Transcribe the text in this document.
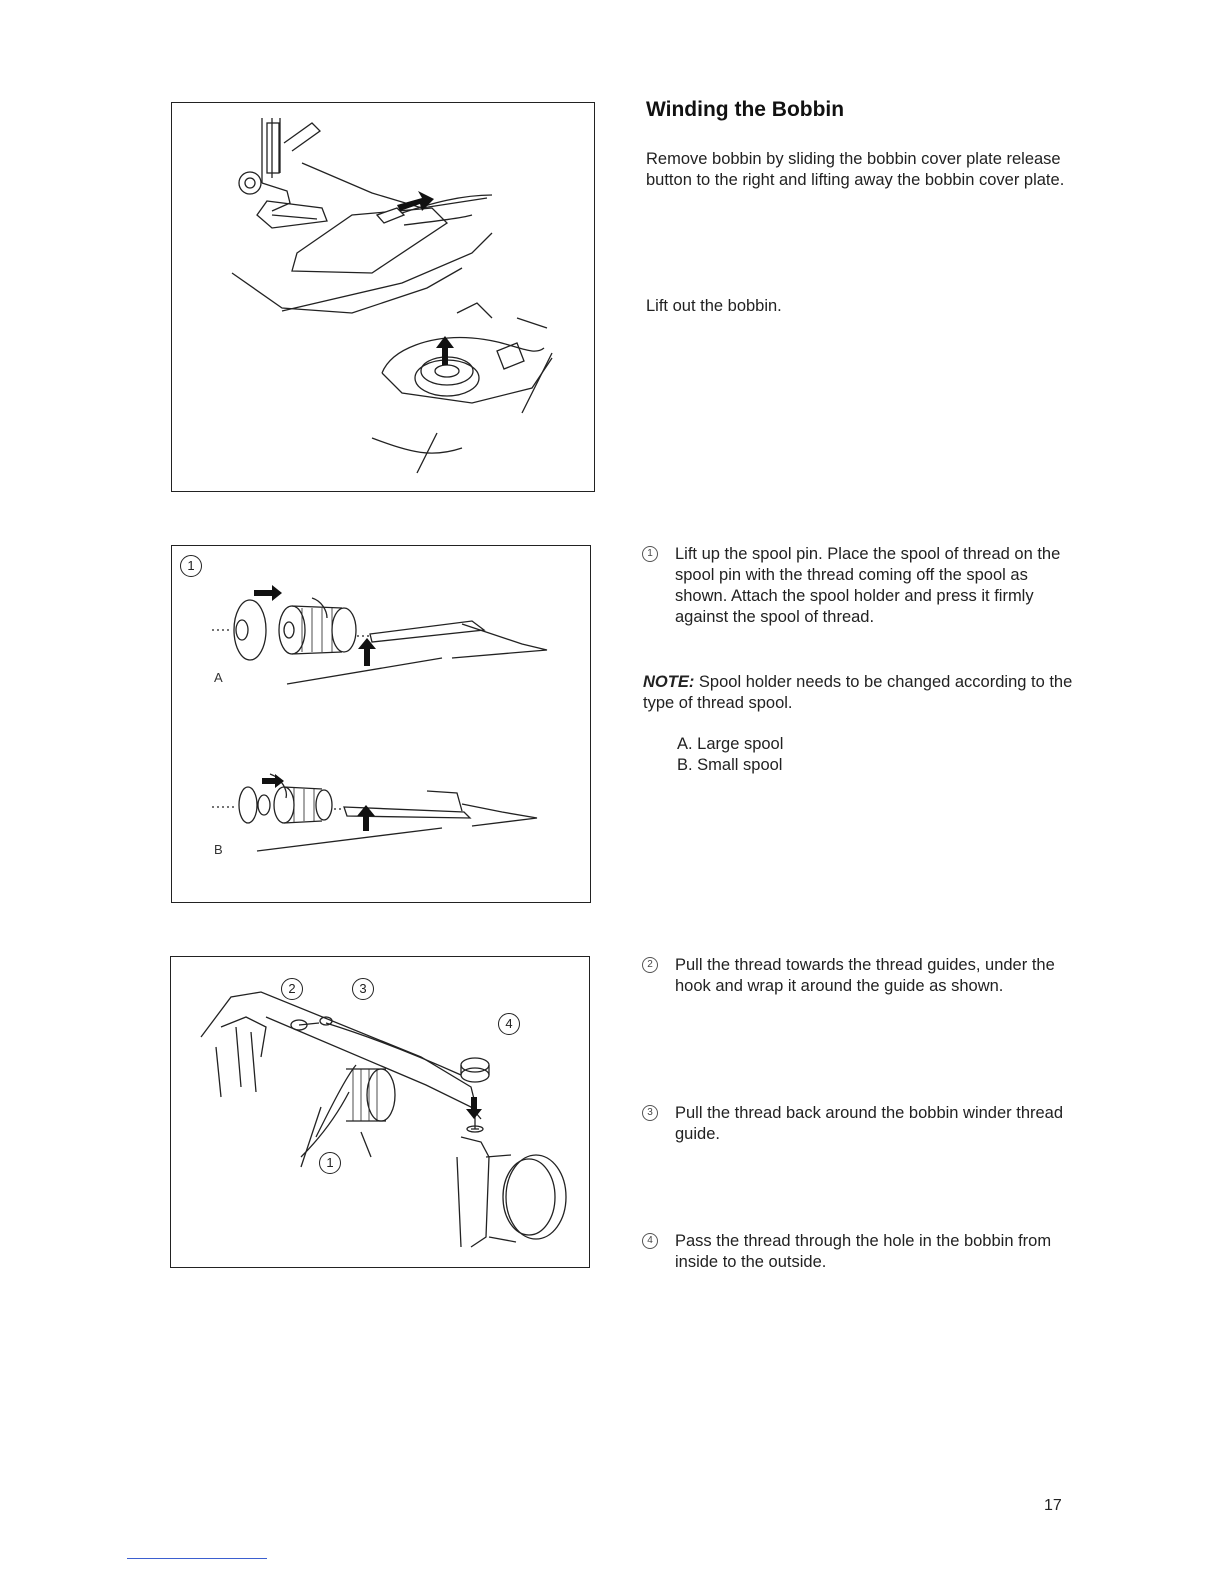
1
A
B
2	3
4
1
Winding the Bobbin

Remove bobbin by sliding the bobbin cover plate release button to the right and lifting away the bobbin cover plate.

Lift out the bobbin.

1	Lift up the spool pin. Place the spool of thread on the spool pin with the thread coming off the spool as shown. Attach the spool holder and press it firmly against the spool of thread.

NOTE: Spool holder needs to be changed according to the type of thread spool.

A. Large spool
B. Small spool
2	Pull the thread towards the thread guides, under the hook and wrap it around the guide as shown.
3	Pull the thread back around the bobbin winder thread guide.
4	Pass the thread through the hole in the bobbin from inside to the outside.
17
